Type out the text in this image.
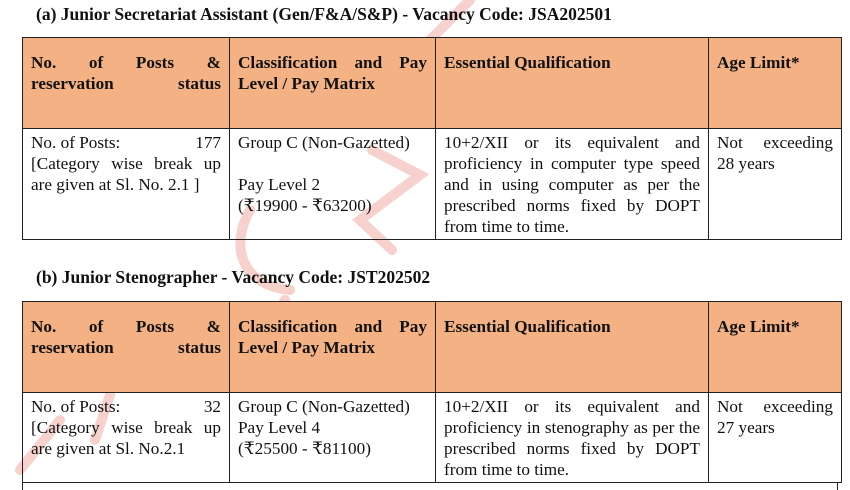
(a) Junior Secretariat Assistant (Gen/F&A/S&P) - Vacancy Code: JSA202501
No. of Posts & reservation status	Classification and Pay Level / Pay Matrix	Essential Qualification	Age Limit*

No. of Posts: 177
[Category wise break up are given at Sl. No. 2.1 ]	Group C (Non-Gazetted)
Pay Level 2
(₹19900 - ₹63200)	10+2/XII or its equivalent and proficiency in computer type speed and in using computer as per the prescribed norms fixed by DOPT from time to time.	Not exceeding 28 years
(b) Junior Stenographer - Vacancy Code: JST202502
No. of Posts & reservation status	Classification and Pay Level / Pay Matrix	Essential Qualification	Age Limit*

No. of Posts: 32
[Category wise break up are given at Sl. No.2.1	Group C (Non-Gazetted)
Pay Level 4
(₹25500 - ₹81100)	10+2/XII or its equivalent and proficiency in stenography as per the prescribed norms fixed by DOPT from time to time.	Not exceeding 27 years
